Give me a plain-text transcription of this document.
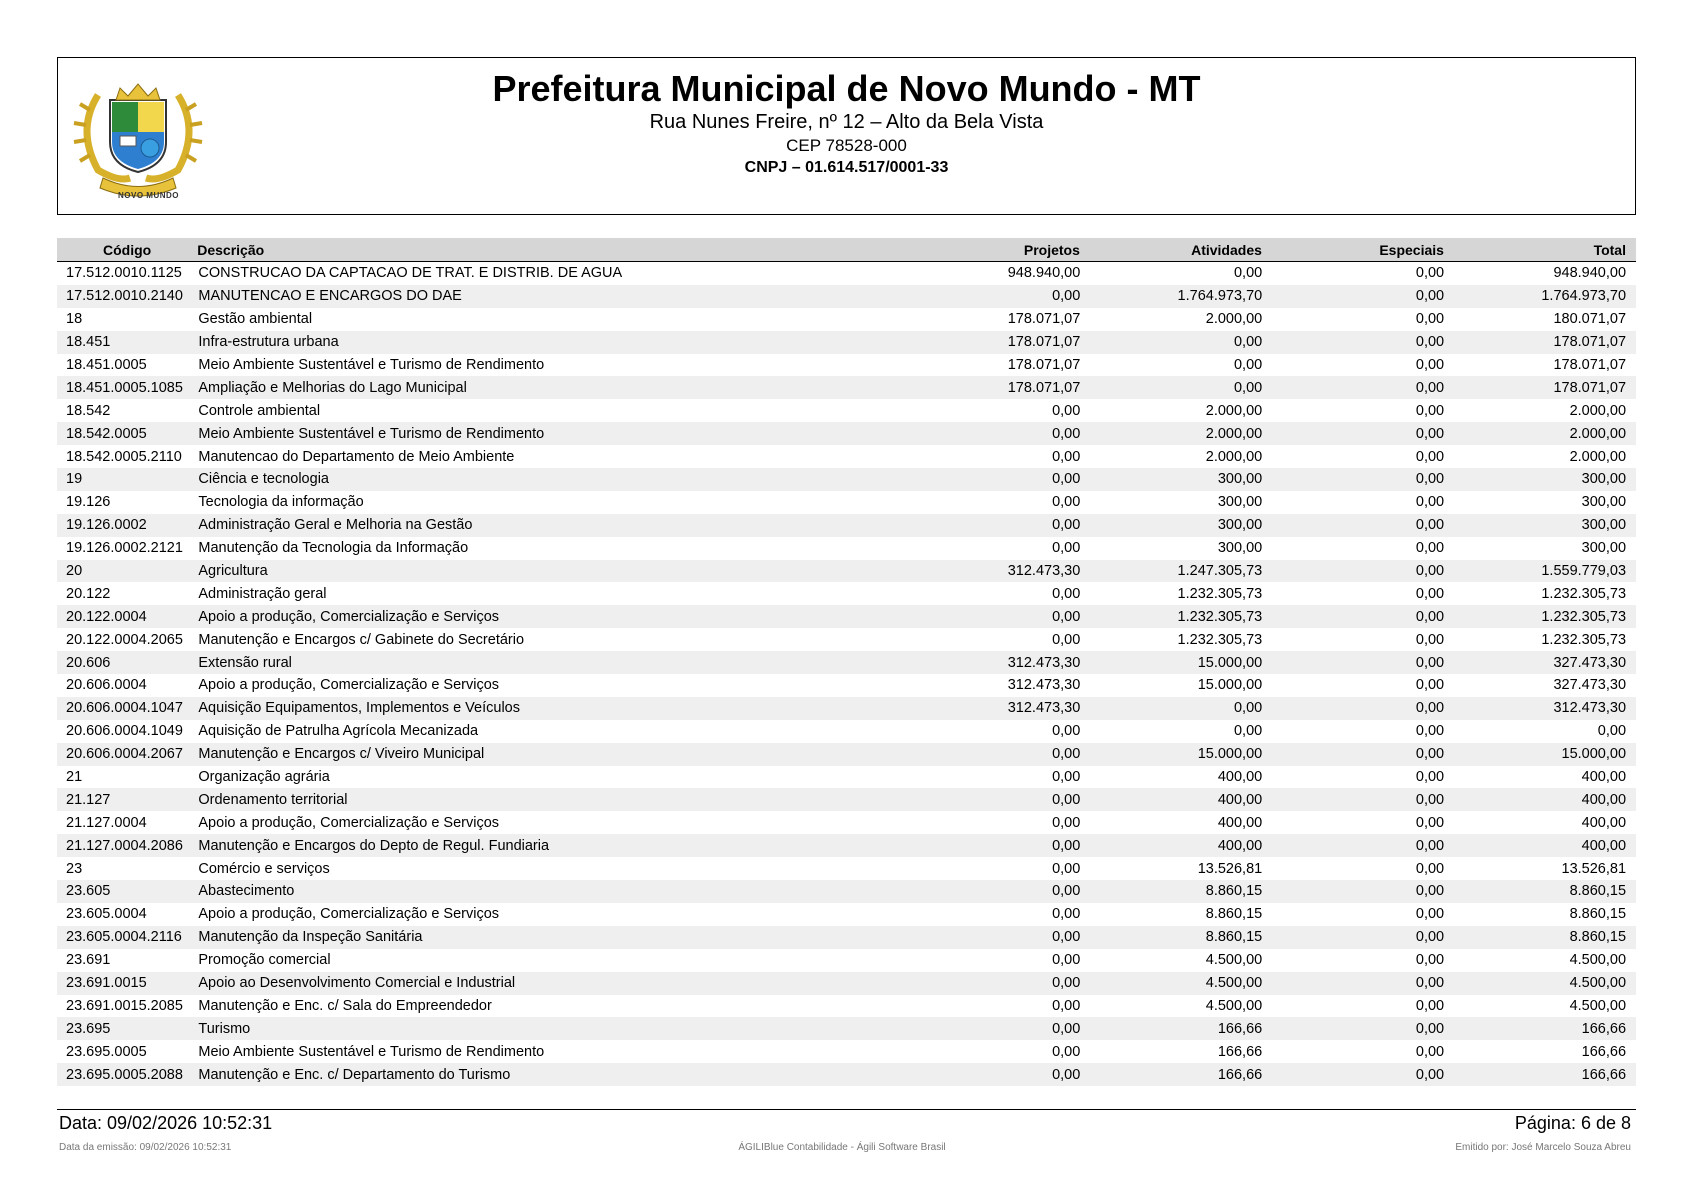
NOVO MUNDO
Prefeitura Municipal de Novo Mundo - MT
Rua Nunes Freire, nº 12 – Alto da Bela Vista
CEP 78528-000
CNPJ – 01.614.517/0001-33
Código	Descrição	Projetos	Atividades	Especiais	Total
17.512.0010.1125	CONSTRUCAO DA CAPTACAO DE TRAT. E DISTRIB. DE AGUA	948.940,00	0,00	0,00	948.940,00
17.512.0010.2140	MANUTENCAO E ENCARGOS DO DAE	0,00	1.764.973,70	0,00	1.764.973,70
18	Gestão ambiental	178.071,07	2.000,00	0,00	180.071,07
18.451	Infra-estrutura urbana	178.071,07	0,00	0,00	178.071,07
18.451.0005	Meio Ambiente Sustentável e Turismo de Rendimento	178.071,07	0,00	0,00	178.071,07
18.451.0005.1085	Ampliação e Melhorias do Lago Municipal	178.071,07	0,00	0,00	178.071,07
18.542	Controle ambiental	0,00	2.000,00	0,00	2.000,00
18.542.0005	Meio Ambiente Sustentável e Turismo de Rendimento	0,00	2.000,00	0,00	2.000,00
18.542.0005.2110	Manutencao do Departamento de Meio Ambiente	0,00	2.000,00	0,00	2.000,00
19	Ciência e tecnologia	0,00	300,00	0,00	300,00
19.126	Tecnologia da informação	0,00	300,00	0,00	300,00
19.126.0002	Administração Geral e Melhoria na Gestão	0,00	300,00	0,00	300,00
19.126.0002.2121	Manutenção da Tecnologia da Informação	0,00	300,00	0,00	300,00
20	Agricultura	312.473,30	1.247.305,73	0,00	1.559.779,03
20.122	Administração geral	0,00	1.232.305,73	0,00	1.232.305,73
20.122.0004	Apoio a produção, Comercialização e Serviços	0,00	1.232.305,73	0,00	1.232.305,73
20.122.0004.2065	Manutenção e Encargos c/ Gabinete do Secretário	0,00	1.232.305,73	0,00	1.232.305,73
20.606	Extensão rural	312.473,30	15.000,00	0,00	327.473,30
20.606.0004	Apoio a produção, Comercialização e Serviços	312.473,30	15.000,00	0,00	327.473,30
20.606.0004.1047	Aquisição Equipamentos, Implementos e Veículos	312.473,30	0,00	0,00	312.473,30
20.606.0004.1049	Aquisição de Patrulha Agrícola Mecanizada	0,00	0,00	0,00	0,00
20.606.0004.2067	Manutenção e Encargos c/ Viveiro Municipal	0,00	15.000,00	0,00	15.000,00
21	Organização agrária	0,00	400,00	0,00	400,00
21.127	Ordenamento territorial	0,00	400,00	0,00	400,00
21.127.0004	Apoio a produção, Comercialização e Serviços	0,00	400,00	0,00	400,00
21.127.0004.2086	Manutenção e Encargos do Depto de Regul. Fundiaria	0,00	400,00	0,00	400,00
23	Comércio e serviços	0,00	13.526,81	0,00	13.526,81
23.605	Abastecimento	0,00	8.860,15	0,00	8.860,15
23.605.0004	Apoio a produção, Comercialização e Serviços	0,00	8.860,15	0,00	8.860,15
23.605.0004.2116	Manutenção da Inspeção Sanitária	0,00	8.860,15	0,00	8.860,15
23.691	Promoção comercial	0,00	4.500,00	0,00	4.500,00
23.691.0015	Apoio ao Desenvolvimento Comercial e Industrial	0,00	4.500,00	0,00	4.500,00
23.691.0015.2085	Manutenção e Enc. c/ Sala do Empreendedor	0,00	4.500,00	0,00	4.500,00
23.695	Turismo	0,00	166,66	0,00	166,66
23.695.0005	Meio Ambiente Sustentável e Turismo de Rendimento	0,00	166,66	0,00	166,66
23.695.0005.2088	Manutenção e Enc. c/ Departamento do Turismo	0,00	166,66	0,00	166,66
Data: 09/02/2026 10:52:31	Página: 6 de 8
Data da emissão: 09/02/2026 10:52:31	ÁGILIBlue Contabilidade - Ágili Software Brasil	Emitido por: José Marcelo Souza Abreu
